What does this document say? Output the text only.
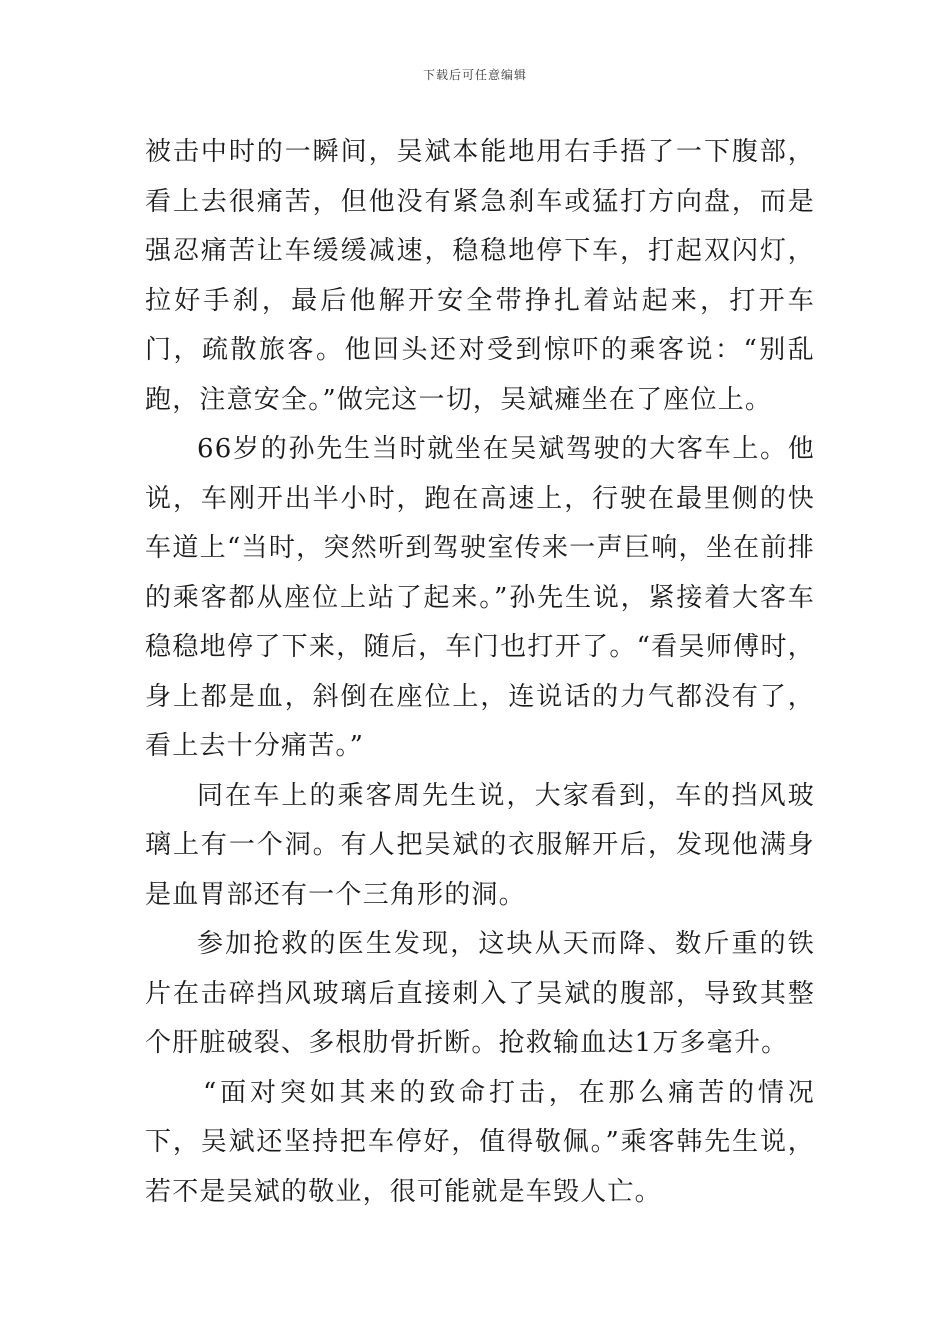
下载后可任意编辑

被击中时的一瞬间，吴斌本能地用右手捂了一下腹部，看上去很痛苦，但他没有紧急刹车或猛打方向盘，而是强忍痛苦让车缓缓减速，稳稳地停下车，打起双闪灯，拉好手刹，最后他解开安全带挣扎着站起来，打开车门，疏散旅客。他回头还对受到惊吓的乘客说：“别乱跑，注意安全。”做完这一切，吴斌瘫坐在了座位上。

66岁的孙先生当时就坐在吴斌驾驶的大客车上。他说，车刚开出半小时，跑在高速上，行驶在最里侧的快车道上“当时，突然听到驾驶室传来一声巨响，坐在前排的乘客都从座位上站了起来。”孙先生说，紧接着大客车稳稳地停了下来，随后，车门也打开了。“看吴师傅时，身上都是血，斜倒在座位上，连说话的力气都没有了，看上去十分痛苦。”

同在车上的乘客周先生说，大家看到，车的挡风玻璃上有一个洞。有人把吴斌的衣服解开后，发现他满身是血胃部还有一个三角形的洞。

参加抢救的医生发现，这块从天而降、数斤重的铁片在击碎挡风玻璃后直接刺入了吴斌的腹部，导致其整个肝脏破裂、多根肋骨折断。抢救输血达1万多毫升。

“面对突如其来的致命打击，在那么痛苦的情况下，吴斌还坚持把车停好，值得敬佩。”乘客韩先生说，若不是吴斌的敬业，很可能就是车毁人亡。
